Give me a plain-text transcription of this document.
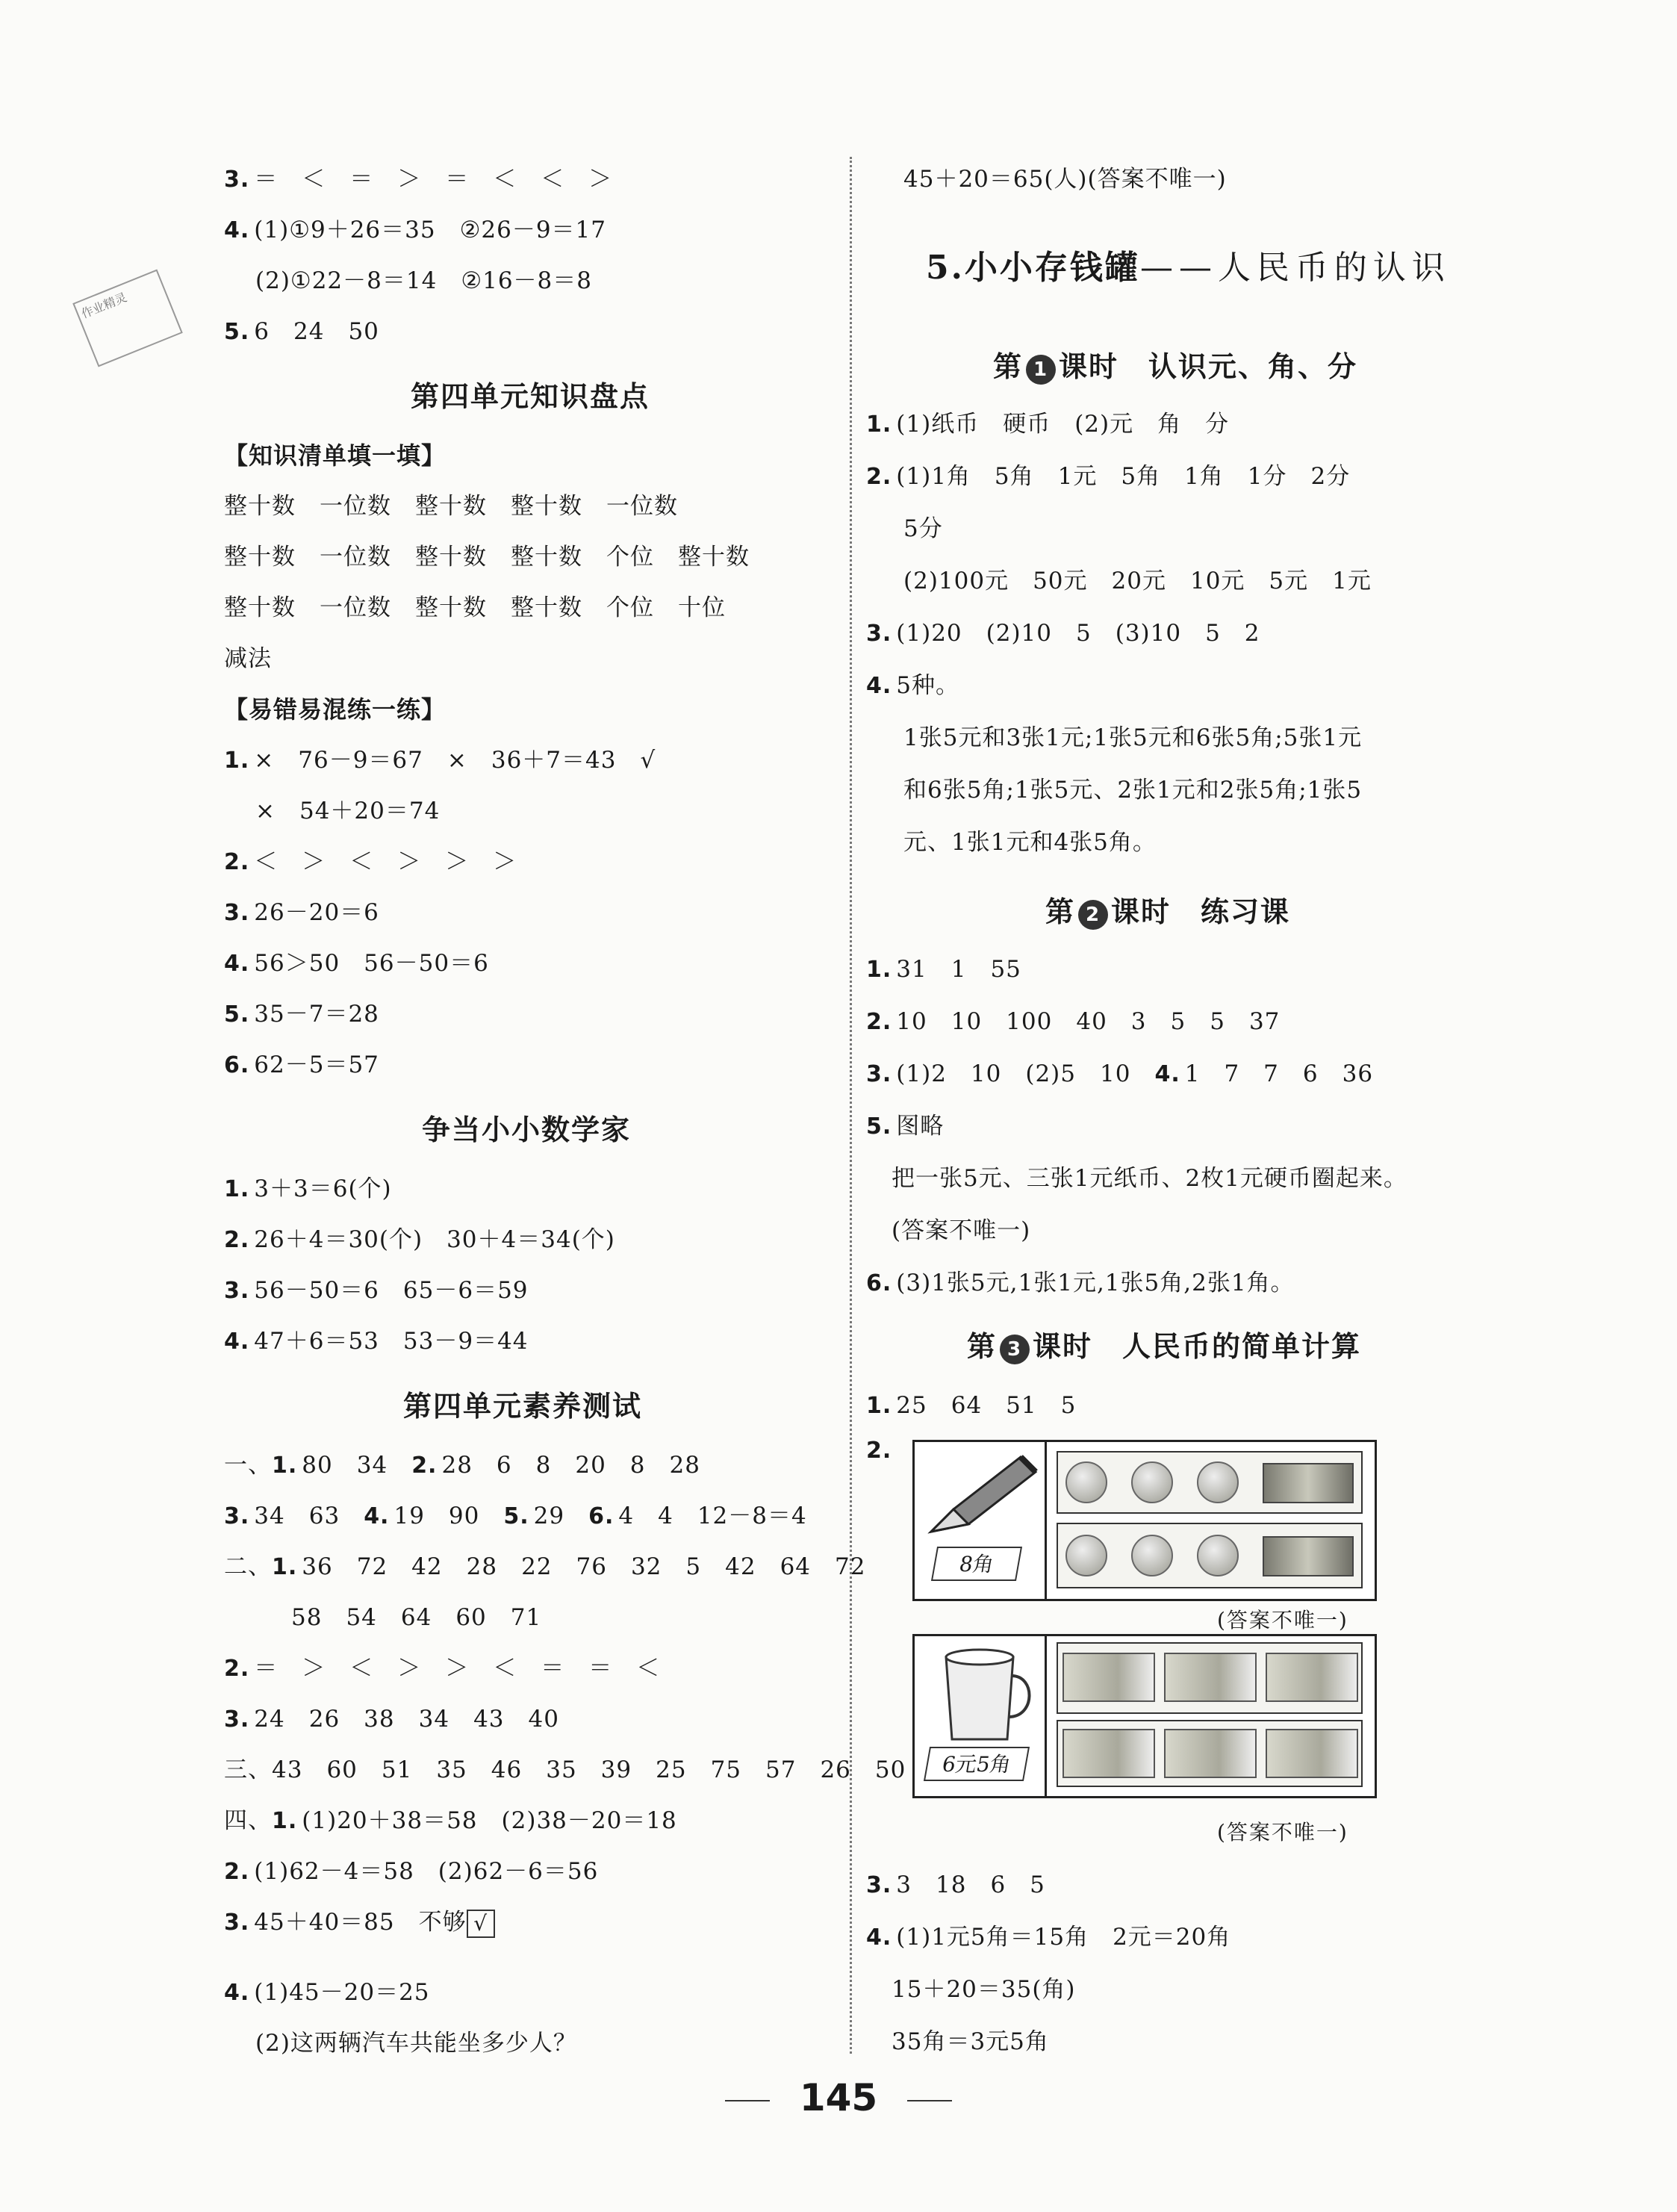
作业精灵
3. ＝　＜　＝　＞　＝　＜　＜　＞
4. (1)①9＋26＝35　②26－9＝17
(2)①22－8＝14　②16－8＝8
5. 6　24　50
第四单元知识盘点
【知识清单填一填】
整十数　一位数　整十数　整十数　一位数
整十数　一位数　整十数　整十数　个位　整十数
整十数　一位数　整十数　整十数　个位　十位
减法
【易错易混练一练】
1. ×　76－9＝67　×　36＋7＝43　√
×　54＋20＝74
2. ＜　＞　＜　＞　＞　＞
3. 26－20＝6
4. 56＞50　56－50＝6
5. 35－7＝28
6. 62－5＝57
争当小小数学家
1. 3＋3＝6(个)
2. 26＋4＝30(个)　30＋4＝34(个)
3. 56－50＝6　65－6＝59
4. 47＋6＝53　53－9＝44
第四单元素养测试
一、1. 80　34　 2. 28　6　8　20　8　28
3. 34　63　 4. 19　90　 5. 29　 6. 4　4　12－8＝4
二、1. 36　72　42　28　22　76　32　5　42　64　72
58　54　64　60　71
2. ＝　＞　＜　＞　＞　＜　＝　＝　＜
3. 24　26　38　34　43　40
三、43　60　51　35　46　35　39　25　75　57　26　50
四、1. (1)20＋38＝58　(2)38－20＝18
2. (1)62－4＝58　(2)62－6＝56
3. 45＋40＝85　不够 √
4. (1)45－20＝25
(2)这两辆汽车共能坐多少人？
45＋20＝65(人)(答案不唯一)
5.小小存钱罐——人民币的认识
第 1 课时　认识元、角、分
1. (1)纸币　硬币　(2)元　角　分
2. (1)1角　5角　1元　5角　1角　1分　2分
5分
(2)100元　50元　20元　10元　5元　1元
3. (1)20　(2)10　5　(3)10　5　2
4. 5种。
1张5元和3张1元;1张5元和6张5角;5张1元
和6张5角;1张5元、2张1元和2张5角;1张5
元、1张1元和4张5角。
第 2 课时　练习课
1. 31　1　55
2. 10　10　100　40　3　5　5　37
3. (1)2　10　(2)5　10　 4. 1　7　7　6　36
5. 图略
把一张5元、三张1元纸币、2枚1元硬币圈起来。
(答案不唯一)
6. (3)1张5元,1张1元,1张5角,2张1角。
第 3 课时　人民币的简单计算
1. 25　64　51　5
2.
8角
(答案不唯一)
6元5角
(答案不唯一)
3. 3　18　6　5
4. (1)1元5角＝15角　2元＝20角
15＋20＝35(角)
35角＝3元5角
145
